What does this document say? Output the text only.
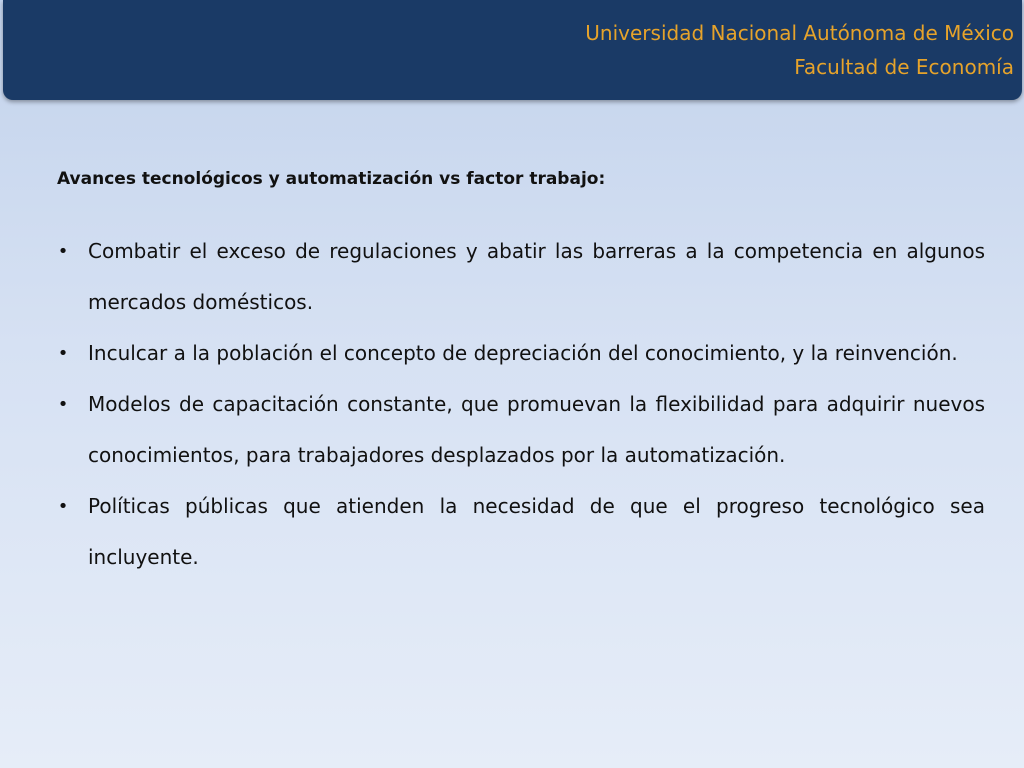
Universidad Nacional Autónoma de México
Facultad de Economía
Avances tecnológicos y automatización vs factor trabajo:
• Combatir el exceso de regulaciones y abatir las barreras a la competencia en algunos mercados domésticos.
• Inculcar a la población el concepto de depreciación del conocimiento, y la reinvención.
• Modelos de capacitación constante, que promuevan la flexibilidad para adquirir nuevos conocimientos, para trabajadores desplazados por la automatización.
• Políticas públicas que atienden la necesidad de que el progreso tecnológico sea incluyente.
